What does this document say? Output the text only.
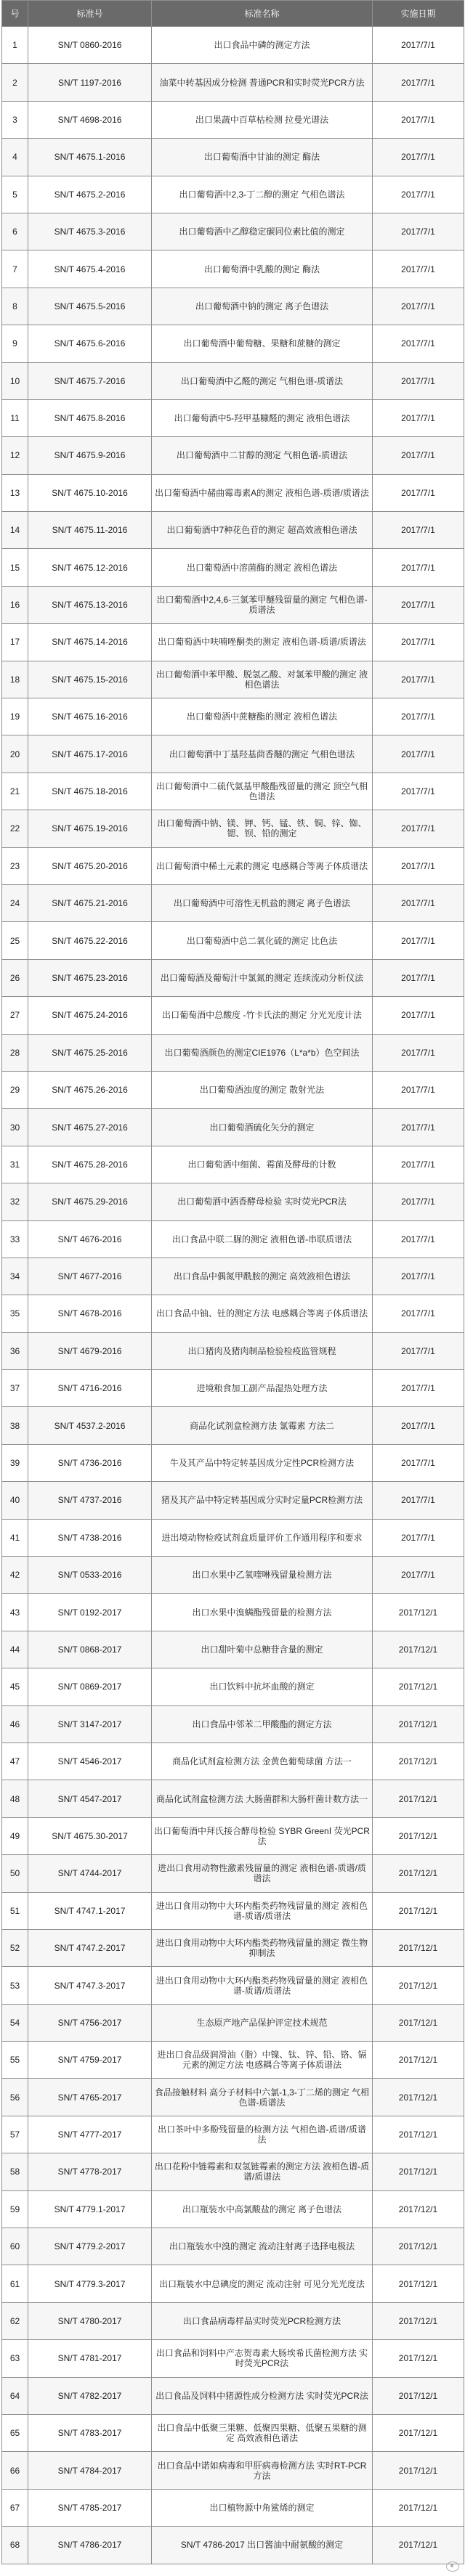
号	标准号	标准名称	实施日期
1	SN/T 0860-2016	出口食品中磷的测定方法	2017/7/1
2	SN/T 1197-2016	油菜中转基因成分检测 普通PCR和实时荧光PCR方法	2017/7/1
3	SN/T 4698-2016	出口果蔬中百草枯检测 拉曼光谱法	2017/7/1
4	SN/T 4675.1-2016	出口葡萄酒中甘油的测定 酶法	2017/7/1
5	SN/T 4675.2-2016	出口葡萄酒中2,3-丁二醇的测定 气相色谱法	2017/7/1
6	SN/T 4675.3-2016	出口葡萄酒中乙醇稳定碳同位素比值的测定	2017/7/1
7	SN/T 4675.4-2016	出口葡萄酒中乳酸的测定 酶法	2017/7/1
8	SN/T 4675.5-2016	出口葡萄酒中钠的测定 离子色谱法	2017/7/1
9	SN/T 4675.6-2016	出口葡萄酒中葡萄糖、果糖和蔗糖的测定	2017/7/1
10	SN/T 4675.7-2016	出口葡萄酒中乙醛的测定 气相色谱-质谱法	2017/7/1
11	SN/T 4675.8-2016	出口葡萄酒中5-羟甲基糠醛的测定 液相色谱法	2017/7/1
12	SN/T 4675.9-2016	出口葡萄酒中二甘醇的测定 气相色谱-质谱法	2017/7/1
13	SN/T 4675.10-2016	出口葡萄酒中赭曲霉毒素A的测定 液相色谱-质谱/质谱法	2017/7/1
14	SN/T 4675.11-2016	出口葡萄酒中7种花色苷的测定 超高效液相色谱法	2017/7/1
15	SN/T 4675.12-2016	出口葡萄酒中溶菌酶的测定 液相色谱法	2017/7/1
16	SN/T 4675.13-2016	出口葡萄酒中2,4,6-三氯苯甲醚残留量的测定 气相色谱-质谱法	2017/7/1
17	SN/T 4675.14-2016	出口葡萄酒中呋喃唑酮类的测定 液相色谱-质谱/质谱法	2017/7/1
18	SN/T 4675.15-2016	出口葡萄酒中苯甲酸、脱氢乙酸、对氯苯甲酸的测定 液相色谱法	2017/7/1
19	SN/T 4675.16-2016	出口葡萄酒中蔗糖酯的测定 液相色谱法	2017/7/1
20	SN/T 4675.17-2016	出口葡萄酒中丁基羟基茴香醚的测定 气相色谱法	2017/7/1
21	SN/T 4675.18-2016	出口葡萄酒中二硫代氨基甲酸酯残留量的测定 顶空气相色谱法	2017/7/1
22	SN/T 4675.19-2016	出口葡萄酒中钠、镁、钾、钙、锰、铁、铜、锌、铷、锶、钡、铅的测定	2017/7/1
23	SN/T 4675.20-2016	出口葡萄酒中稀土元素的测定 电感耦合等离子体质谱法	2017/7/1
24	SN/T 4675.21-2016	出口葡萄酒中可溶性无机盐的测定 离子色谱法	2017/7/1
25	SN/T 4675.22-2016	出口葡萄酒中总二氧化硫的测定 比色法	2017/7/1
26	SN/T 4675.23-2016	出口葡萄酒及葡萄汁中氯氮的测定 连续流动分析仪法	2017/7/1
27	SN/T 4675.24-2016	出口葡萄酒中总酸度 -竹卡氏法的测定 分光光度计法	2017/7/1
28	SN/T 4675.25-2016	出口葡萄酒颜色的测定CIE1976（L*a*b）色空间法	2017/7/1
29	SN/T 4675.26-2016	出口葡萄酒浊度的测定 散射光法	2017/7/1
30	SN/T 4675.27-2016	出口葡萄酒硫化矢分的测定	2017/7/1
31	SN/T 4675.28-2016	出口葡萄酒中细菌、霉菌及酵母的计数	2017/7/1
32	SN/T 4675.29-2016	出口葡萄酒中酒香酵母检验 实时荧光PCR法	2017/7/1
33	SN/T 4676-2016	出口食品中联二脲的测定 液相色谱-串联质谱法	2017/7/1
34	SN/T 4677-2016	出口食品中偶氮甲酰胺的测定 高效液相色谱法	2017/7/1
35	SN/T 4678-2016	出口食品中铀、钍的测定方法 电感耦合等离子体质谱法	2017/7/1
36	SN/T 4679-2016	出口猪肉及猪肉制品检验检疫监管规程	2017/7/1
37	SN/T 4716-2016	进境粮食加工副产品湿热处理方法	2017/7/1
38	SN/T 4537.2-2016	商品化试剂盒检测方法 氯霉素 方法二	2017/7/1
39	SN/T 4736-2016	牛及其产品中特定转基因成分定性PCR检测方法	2017/7/1
40	SN/T 4737-2016	猪及其产品中特定转基因成分实时定量PCR检测方法	2017/7/1
41	SN/T 4738-2016	进出境动物检疫试剂盒质量评价工作通用程序和要求	2017/7/1
42	SN/T 0533-2016	出口水果中乙氧喹啉残留量检测方法	2017/7/1
43	SN/T 0192-2017	出口水果中溴螨酯残留量的检测方法	2017/12/1
44	SN/T 0868-2017	出口甜叶菊中总糖苷含量的测定	2017/12/1
45	SN/T 0869-2017	出口饮料中抗坏血酸的测定	2017/12/1
46	SN/T 3147-2017	出口食品中邻苯二甲酸酯的测定方法	2017/12/1
47	SN/T 4546-2017	商品化试剂盒检测方法 金黄色葡萄球菌 方法一	2017/12/1
48	SN/T 4547-2017	商品化试剂盒检测方法 大肠菌群和大肠杆菌计数方法一	2017/12/1
49	SN/T 4675.30-2017	出口葡萄酒中拜氏接合酵母检验 SYBR GreenⅠ 荧光PCR法	2017/12/1
50	SN/T 4744-2017	进出口食用动物性激素残留量的测定 液相色谱-质谱/质谱法	2017/12/1
51	SN/T 4747.1-2017	进出口食用动物中大环内酯类药物残留量的测定 液相色谱-质谱/质谱法	2017/12/1
52	SN/T 4747.2-2017	进出口食用动物中大环内酯类药物残留量的测定 微生物抑制法	2017/12/1
53	SN/T 4747.3-2017	进出口食用动物中大环内酯类药物残留量的测定 液相色谱-质谱/质谱法	2017/12/1
54	SN/T 4756-2017	生态原产地产品保护评定技术规范	2017/12/1
55	SN/T 4759-2017	进出口食品级润滑油（脂）中镍、钛、锌、铅、铬、镉元素的测定方法 电感耦合等离子体质谱法	2017/12/1
56	SN/T 4765-2017	食品接触材料 高分子材料中六氯-1,3-丁二烯的测定 气相色谱-质谱法	2017/12/1
57	SN/T 4777-2017	出口茶叶中多酚残留量的检测方法 气相色谱-质谱/质谱法	2017/12/1
58	SN/T 4778-2017	出口花粉中链霉素和双氢链霉素的测定方法 液相色谱-质谱/质谱法	2017/12/1
59	SN/T 4779.1-2017	出口瓶装水中高氯酸盐的测定 离子色谱法	2017/12/1
60	SN/T 4779.2-2017	出口瓶装水中溴的测定 流动注射离子选择电极法	2017/12/1
61	SN/T 4779.3-2017	出口瓶装水中总碘度的测定 流动注射 可见分光光度法	2017/12/1
62	SN/T 4780-2017	出口食品病毒样品实时荧光PCR检测方法	2017/12/1
63	SN/T 4781-2017	出口食品和饲料中产志贺毒素大肠埃希氏菌检测方法 实时荧光PCR法	2017/12/1
64	SN/T 4782-2017	出口食品及饲料中猪源性成分检测方法 实时荧光PCR法	2017/12/1
65	SN/T 4783-2017	出口食品中低聚三果糖、低聚四果糖、低聚五果糖的测定 高效液相色谱法	2017/12/1
66	SN/T 4784-2017	出口食品中诺如病毒和甲肝病毒检测方法 实时RT-PCR方法	2017/12/1
67	SN/T 4785-2017	出口植物源中角鲨烯的测定	2017/12/1
68	SN/T 4786-2017	SN/T 4786-2017 出口酱油中耐氨酸的测定	2017/12/1
